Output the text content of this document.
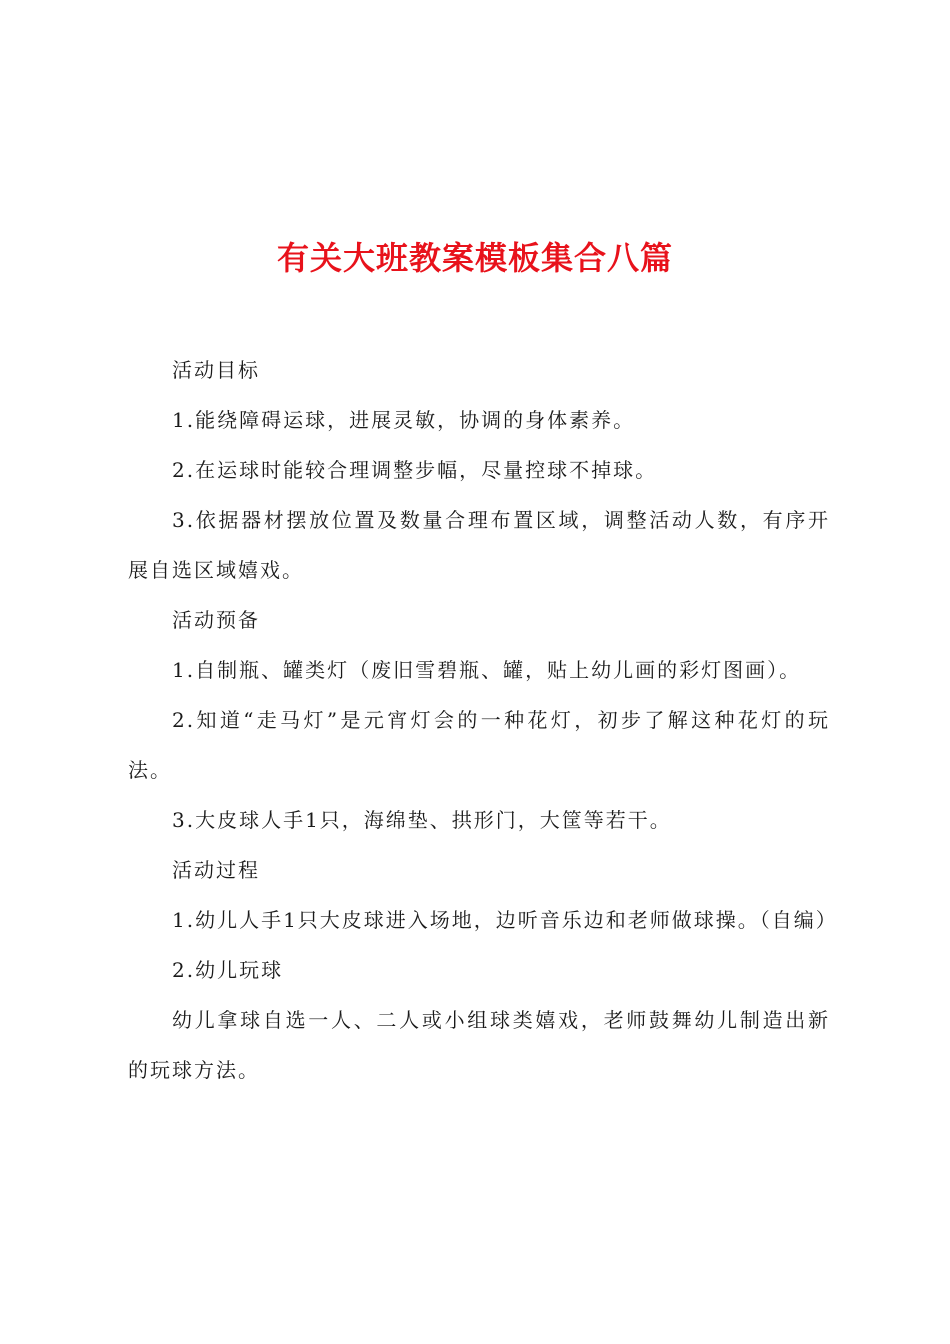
有关大班教案模板集合八篇

活动目标

1.能绕障碍运球，进展灵敏，协调的身体素养。

2.在运球时能较合理调整步幅，尽量控球不掉球。

3.依据器材摆放位置及数量合理布置区域，调整活动人数，有序开展自选区域嬉戏。

活动预备

1.自制瓶、罐类灯（废旧雪碧瓶、罐，贴上幼儿画的彩灯图画）。

2.知道“走马灯”是元宵灯会的一种花灯，初步了解这种花灯的玩法。

3.大皮球人手1只，海绵垫、拱形门，大筐等若干。

活动过程

1.幼儿人手1只大皮球进入场地，边听音乐边和老师做球操。（自编）

2.幼儿玩球

幼儿拿球自选一人、二人或小组球类嬉戏，老师鼓舞幼儿制造出新的玩球方法。
